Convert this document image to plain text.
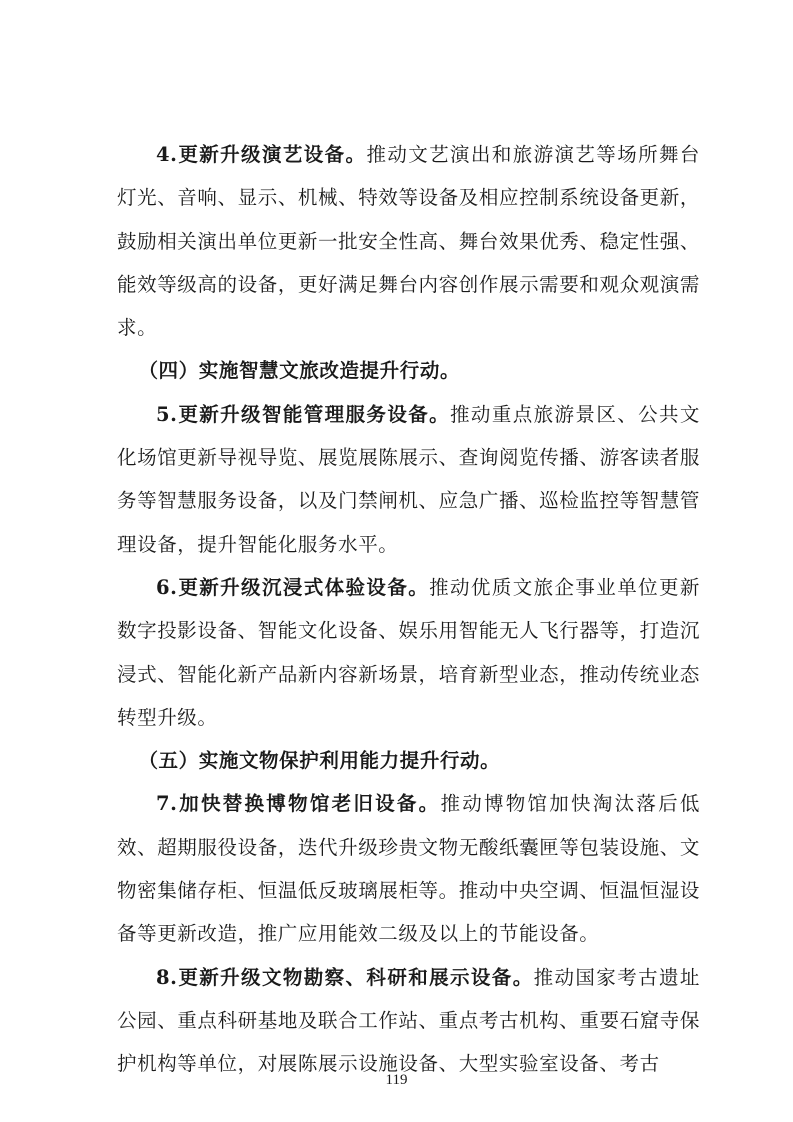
4.更新升级演艺设备。推动文艺演出和旅游演艺等场所舞台灯光、音响、显示、机械、特效等设备及相应控制系统设备更新，鼓励相关演出单位更新一批安全性高、舞台效果优秀、稳定性强、能效等级高的设备，更好满足舞台内容创作展示需要和观众观演需求。

（四）实施智慧文旅改造提升行动。

5.更新升级智能管理服务设备。推动重点旅游景区、公共文化场馆更新导视导览、展览展陈展示、查询阅览传播、游客读者服务等智慧服务设备，以及门禁闸机、应急广播、巡检监控等智慧管理设备，提升智能化服务水平。

6.更新升级沉浸式体验设备。推动优质文旅企事业单位更新数字投影设备、智能文化设备、娱乐用智能无人飞行器等，打造沉浸式、智能化新产品新内容新场景，培育新型业态，推动传统业态转型升级。

（五）实施文物保护利用能力提升行动。

7.加快替换博物馆老旧设备。推动博物馆加快淘汰落后低效、超期服役设备，迭代升级珍贵文物无酸纸囊匣等包装设施、文物密集储存柜、恒温低反玻璃展柜等。推动中央空调、恒温恒湿设备等更新改造，推广应用能效二级及以上的节能设备。

8.更新升级文物勘察、科研和展示设备。推动国家考古遗址公园、重点科研基地及联合工作站、重点考古机构、重要石窟寺保护机构等单位，对展陈展示设施设备、大型实验室设备、考古

119
